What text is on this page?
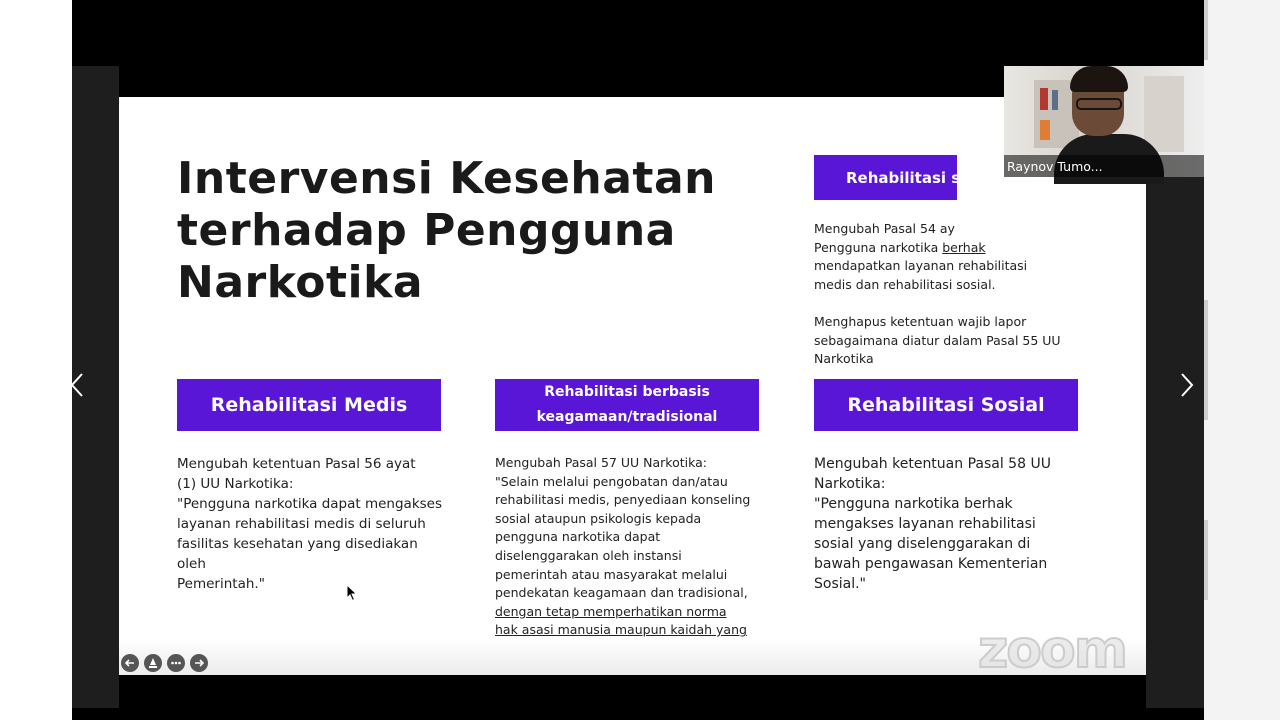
Intervensi Kesehatan terhadap Pengguna Narkotika
Rehabilitasi se

Mengubah Pasal 54 ay
Pengguna narkotika berhak
mendapatkan layanan rehabilitasi
medis dan rehabilitasi sosial.

Menghapus ketentuan wajib lapor
sebagaimana diatur dalam Pasal 55 UU
Narkotika

Rehabilitasi Medis
Rehabilitasi berbasis keagamaan/tradisional
Rehabilitasi Sosial

Mengubah ketentuan Pasal 56 ayat
(1) UU Narkotika:
"Pengguna narkotika dapat mengakses
layanan rehabilitasi medis di seluruh
fasilitas kesehatan yang disediakan oleh
Pemerintah."

Mengubah Pasal 57 UU Narkotika:
"Selain melalui pengobatan dan/atau
rehabilitasi medis, penyediaan konseling
sosial ataupun psikologis kepada
pengguna narkotika dapat
diselenggarakan oleh instansi
pemerintah atau masyarakat melalui
pendekatan keagamaan dan tradisional,
dengan tetap memperhatikan norma
hak asasi manusia maupun kaidah yang

Mengubah ketentuan Pasal 58 UU
Narkotika:
"Pengguna narkotika berhak
mengakses layanan rehabilitasi
sosial yang diselenggarakan di
bawah pengawasan Kementerian
Sosial."

Raynov Tumo...
zoom
